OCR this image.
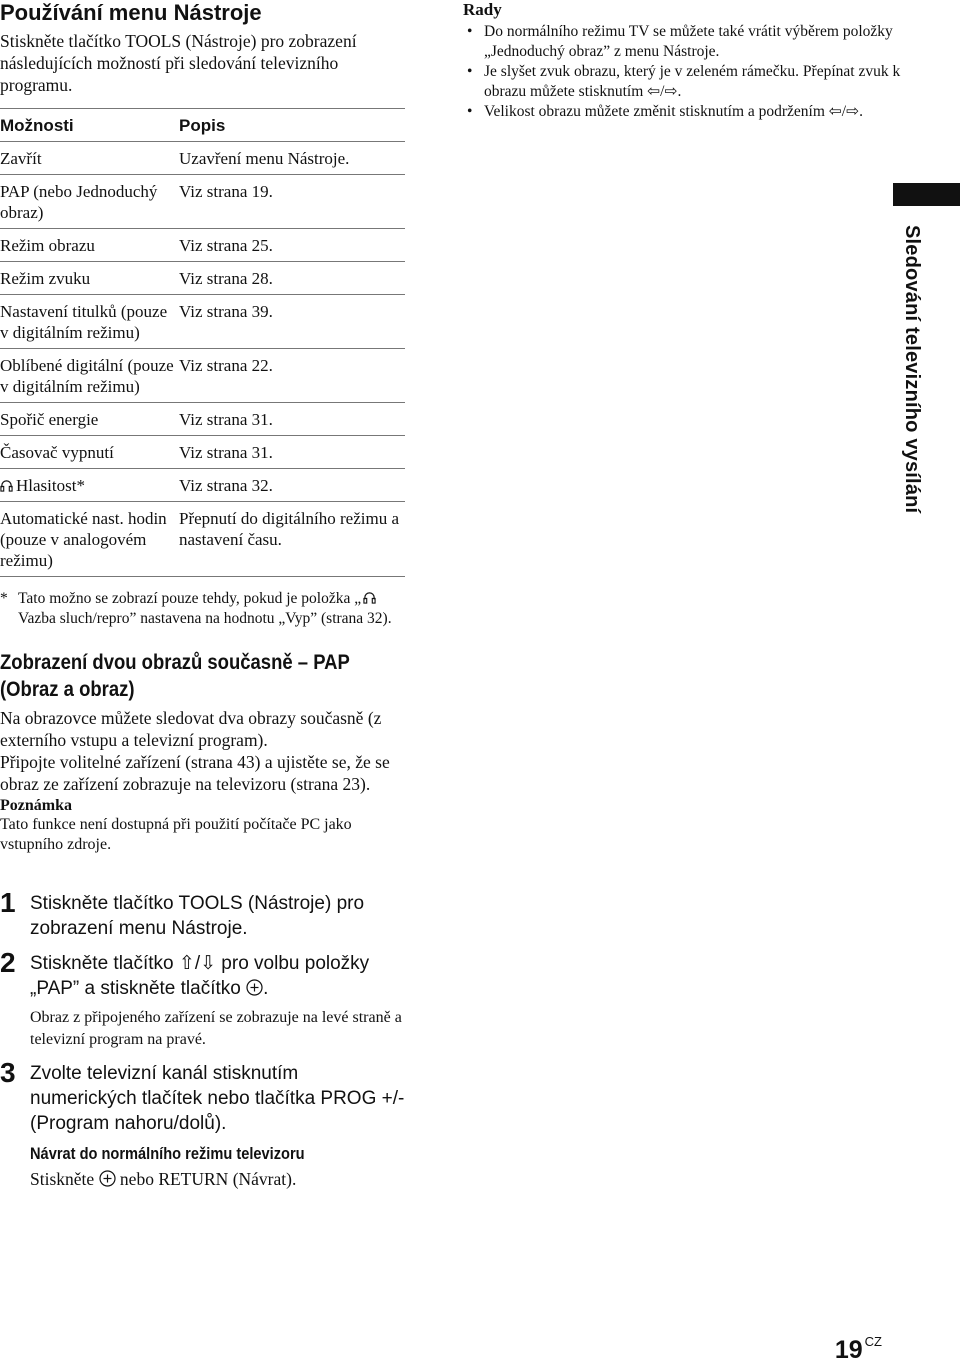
Používání menu Nástroje

Stiskněte tlačítko TOOLS (Nástroje) pro zobrazení následujících možností při sledování televizního programu.

Možnosti	Popis
Zavřít	Uzavření menu Nástroje.
PAP (nebo Jednoduchý obraz)	Viz strana 19.
Režim obrazu	Viz strana 25.
Režim zvuku	Viz strana 28.
Nastavení titulků (pouze v digitálním režimu)	Viz strana 39.
Oblíbené digitální (pouze v digitálním režimu)	Viz strana 22.
Spořič energie	Viz strana 31.
Časovač vypnutí	Viz strana 31.
Hlasitost*	Viz strana 32.
Automatické nast. hodin (pouze v analogovém režimu)	Přepnutí do digitálního režimu a nastavení času.
* Tato možno se zobrazí pouze tehdy, pokud je položka „
Vazba sluch/repro” nastavena na hodnotu „Vyp” (strana 32).
Zobrazení dvou obrazů současně – PAP
(Obraz a obraz)

Na obrazovce můžete sledovat dva obrazy současně (z externího vstupu a televizní program).

Připojte volitelné zařízení (strana 43) a ujistěte se, že se obraz ze zařízení zobrazuje na televizoru (strana 23).

Poznámka
Tato funkce není dostupná při použití počítače PC jako vstupního zdroje.
1 Stiskněte tlačítko TOOLS (Nástroje) pro zobrazení menu Nástroje.
2 Stiskněte tlačítko ⇧/⇩ pro volbu položky „PAP” a stiskněte tlačítko .
Obraz z připojeného zařízení se zobrazuje na levé straně a televizní program na pravé.
3 Zvolte televizní kanál stisknutím numerických tlačítek nebo tlačítka PROG +/- (Program nahoru/dolů).
Návrat do normálního režimu televizoru
Stiskněte  nebo RETURN (Návrat).
Rady
• Do normálního režimu TV se můžete také vrátit výběrem položky „Jednoduchý obraz” z menu Nástroje.
• Je slyšet zvuk obrazu, který je v zeleném rámečku. Přepínat zvuk k obrazu můžete stisknutím ⇦/⇨.
• Velikost obrazu můžete změnit stisknutím a podržením ⇦/⇨.
Sledování televizního vysílání
19 $^{CZ}$
